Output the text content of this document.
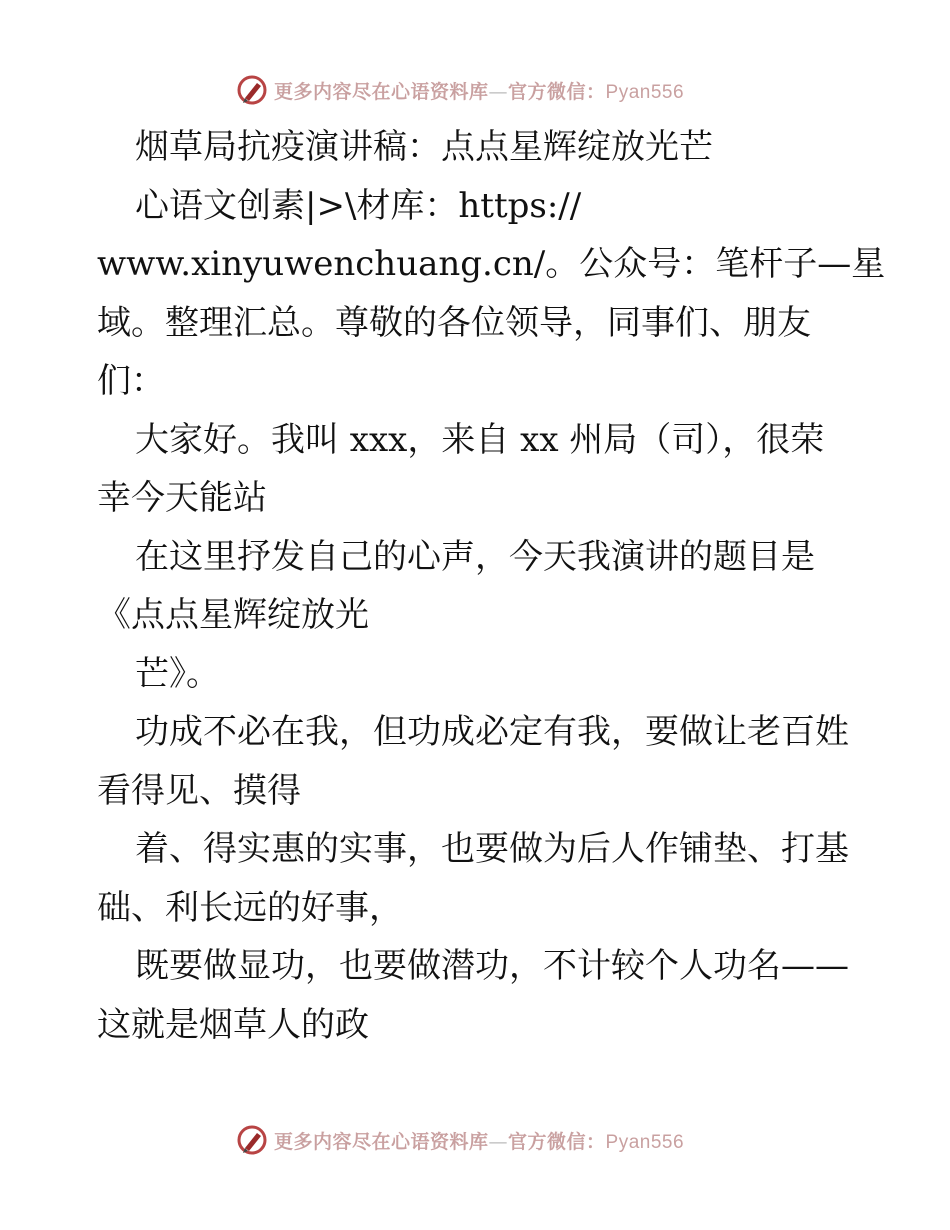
更多内容尽在心语资料库—官方微信：Pyan556
烟草局抗疫演讲稿：点点星辉绽放光芒
心语文创素|>\材库：https://
www.xinyuwenchuang.cn/。公众号：笔杆子—星
域。整理汇总。尊敬的各位领导，同事们、朋友
们：
大家好。我叫 xxx，来自 xx 州局（司），很荣
幸今天能站
在这里抒发自己的心声，今天我演讲的题目是
《点点星辉绽放光
芒》。
功成不必在我，但功成必定有我，要做让老百姓
看得见、摸得
着、得实惠的实事，也要做为后人作铺垫、打基
础、利长远的好事，
既要做显功，也要做潜功，不计较个人功名——
这就是烟草人的政
更多内容尽在心语资料库—官方微信：Pyan556
